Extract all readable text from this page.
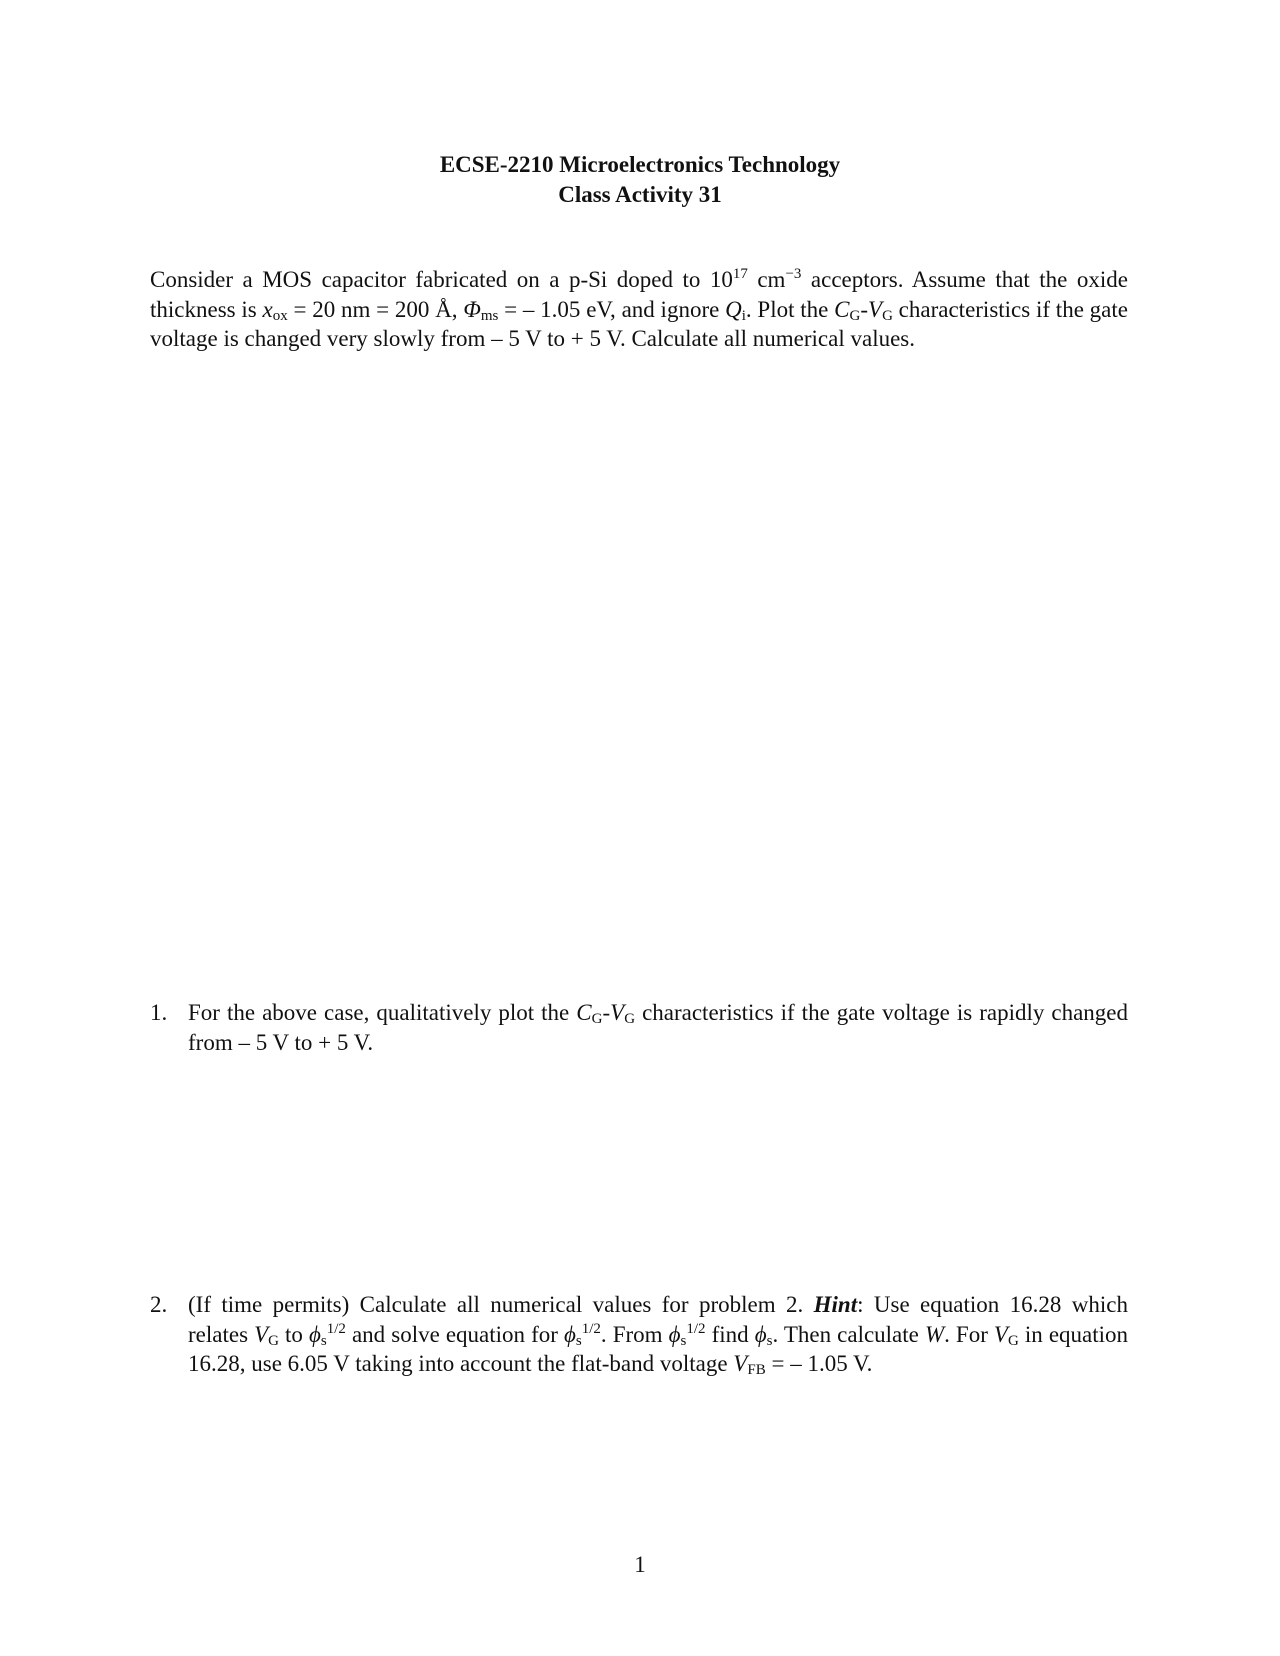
ECSE-2210 Microelectronics Technology
Class Activity 31
Consider a MOS capacitor fabricated on a p-Si doped to $10^{17}$ $cm^{-3}$ acceptors. Assume that the oxide thickness is $x_{ox} = 20$ nm = 200 Å, $\Phi_{ms}$ = – 1.05 eV, and ignore $Q_i$. Plot the $C_G-V_G$ characteristics if the gate voltage is changed very slowly from – 5 V to + 5 V. Calculate all numerical values.
1. For the above case, qualitatively plot the $C_G-V_G$ characteristics if the gate voltage is rapidly changed from – 5 V to + 5 V.
2. (If time permits) Calculate all numerical values for problem 2. Hint: Use equation 16.28 which relates $V_G$ to $\phi_s^{1/2}$ and solve equation for $\phi_s^{1/2}$. From $\phi_s^{1/2}$ find $\phi_s$. Then calculate W. For $V_G$ in equation 16.28, use 6.05 V taking into account the flat-band voltage $V_{FB}$ = – 1.05 V.
1
